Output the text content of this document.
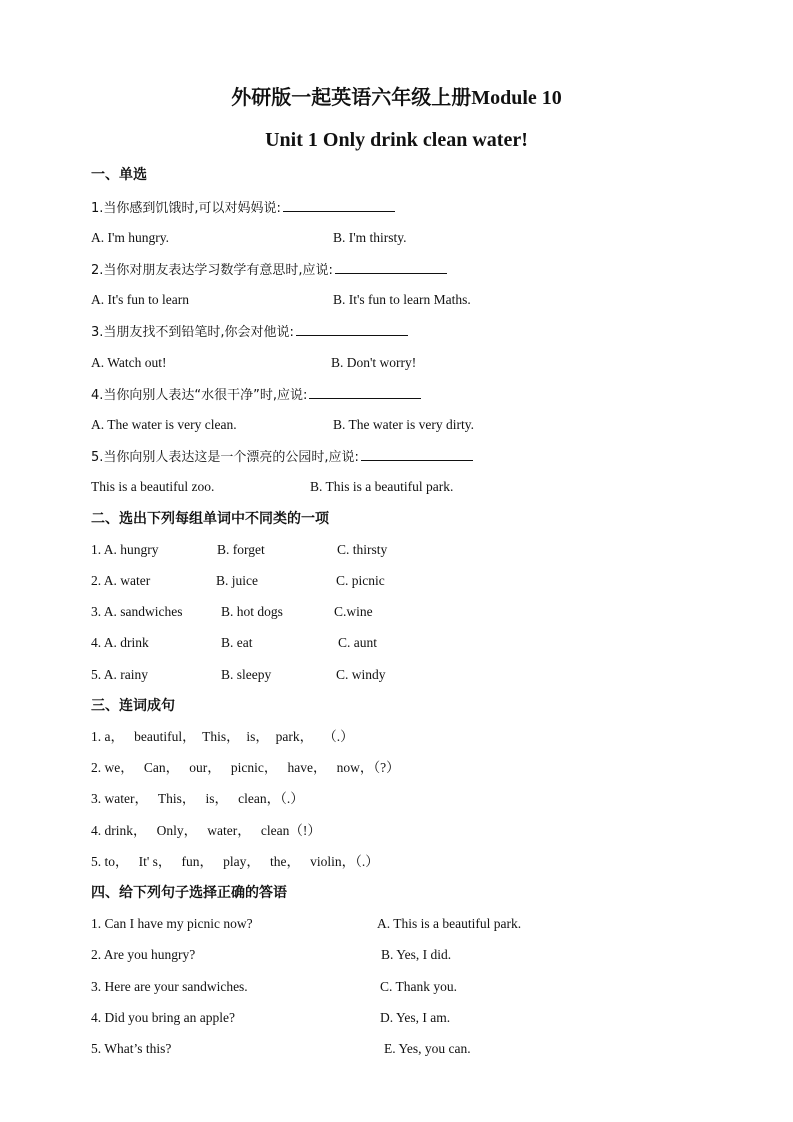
外研版一起英语六年级上册Module 10
Unit 1 Only drink clean water!
一、单选
1.当你感到饥饿时,可以对妈妈说:
A. I'm hungry.	B. I'm thirsty.
2.当你对朋友表达学习数学有意思时,应说:
A. It's fun to learn	B. It's fun to learn Maths.
3.当朋友找不到铅笔时,你会对他说:
A. Watch out!	B. Don't worry!
4.当你向别人表达“水很干净”时,应说:
A. The water is very clean.	B. The water is very dirty.
5.当你向别人表达这是一个漂亮的公园时,应说:
This is a beautiful zoo.	B. This is a beautiful park.
二、选出下列每组单词中不同类的一项
1. A. hungry	B. forget	C. thirsty
2. A. water	B. juice	C. picnic
3. A. sandwiches	B. hot dogs	C.wine
4. A. drink	B. eat	C. aunt
5. A. rainy	B. sleepy	C. windy
三、连词成句
1. a，   beautiful，  This，  is，  park，   （.）
2. we，   Can，   our，   picnic，   have，   now，（?）
3. water，   This，   is，   clean，（.）
4. drink，   Only，   water，   clean（!）
5. to，   It' s，   fun，   play，   the，   violin，（.）
四、给下列句子选择正确的答语
1. Can I have my picnic now?	A. This is a beautiful park.
2. Are you hungry?	B. Yes, I did.
3. Here are your sandwiches.	C. Thank you.
4. Did you bring an apple?	D. Yes, I am.
5. What’s this?	E. Yes, you can.
